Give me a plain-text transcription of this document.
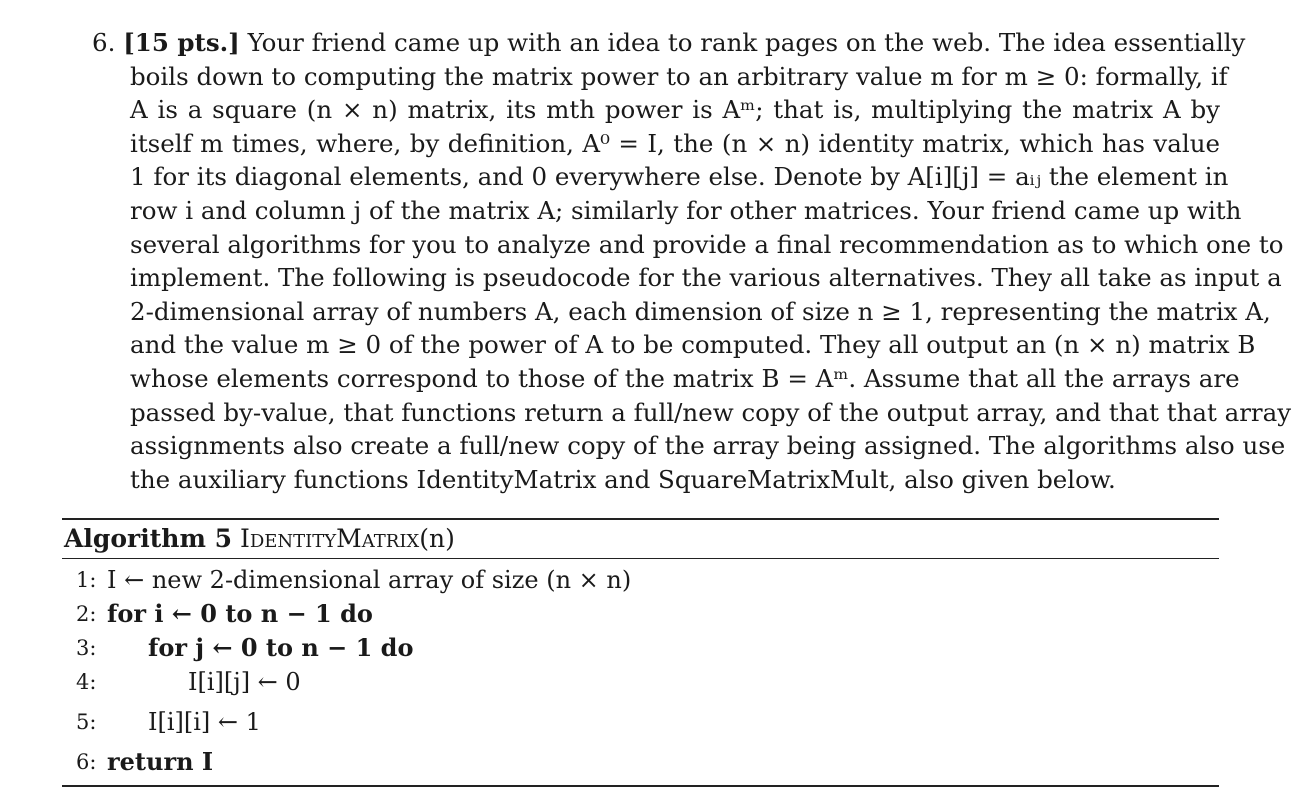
6. [15 pts.] Your friend came up with an idea to rank pages on the web. The idea essentially
boils down to computing the matrix power to an arbitrary value m for m ≥ 0: formally, if
A is a square (n × n) matrix, its mth power is Aᵐ; that is, multiplying the matrix A by
itself m times, where, by definition, A⁰ = I, the (n × n) identity matrix, which has value
1 for its diagonal elements, and 0 everywhere else. Denote by A[i][j] = aᵢⱼ the element in
row i and column j of the matrix A; similarly for other matrices. Your friend came up with
several algorithms for you to analyze and provide a final recommendation as to which one to
implement. The following is pseudocode for the various alternatives. They all take as input a
2-dimensional array of numbers A, each dimension of size n ≥ 1, representing the matrix A,
and the value m ≥ 0 of the power of A to be computed. They all output an (n × n) matrix B
whose elements correspond to those of the matrix B = Aᵐ. Assume that all the arrays are
passed by-value, that functions return a full/new copy of the output array, and that that array
assignments also create a full/new copy of the array being assigned. The algorithms also use
the auxiliary functions IdentityMatrix and SquareMatrixMult, also given below.
Algorithm 5 IdentityMatrix(n)
1: I ← new 2-dimensional array of size (n × n)
2: for i ← 0 to n − 1 do
3:	for j ← 0 to n − 1 do
4:	I[i][j] ← 0
5:	I[i][i] ← 1
6: return I
